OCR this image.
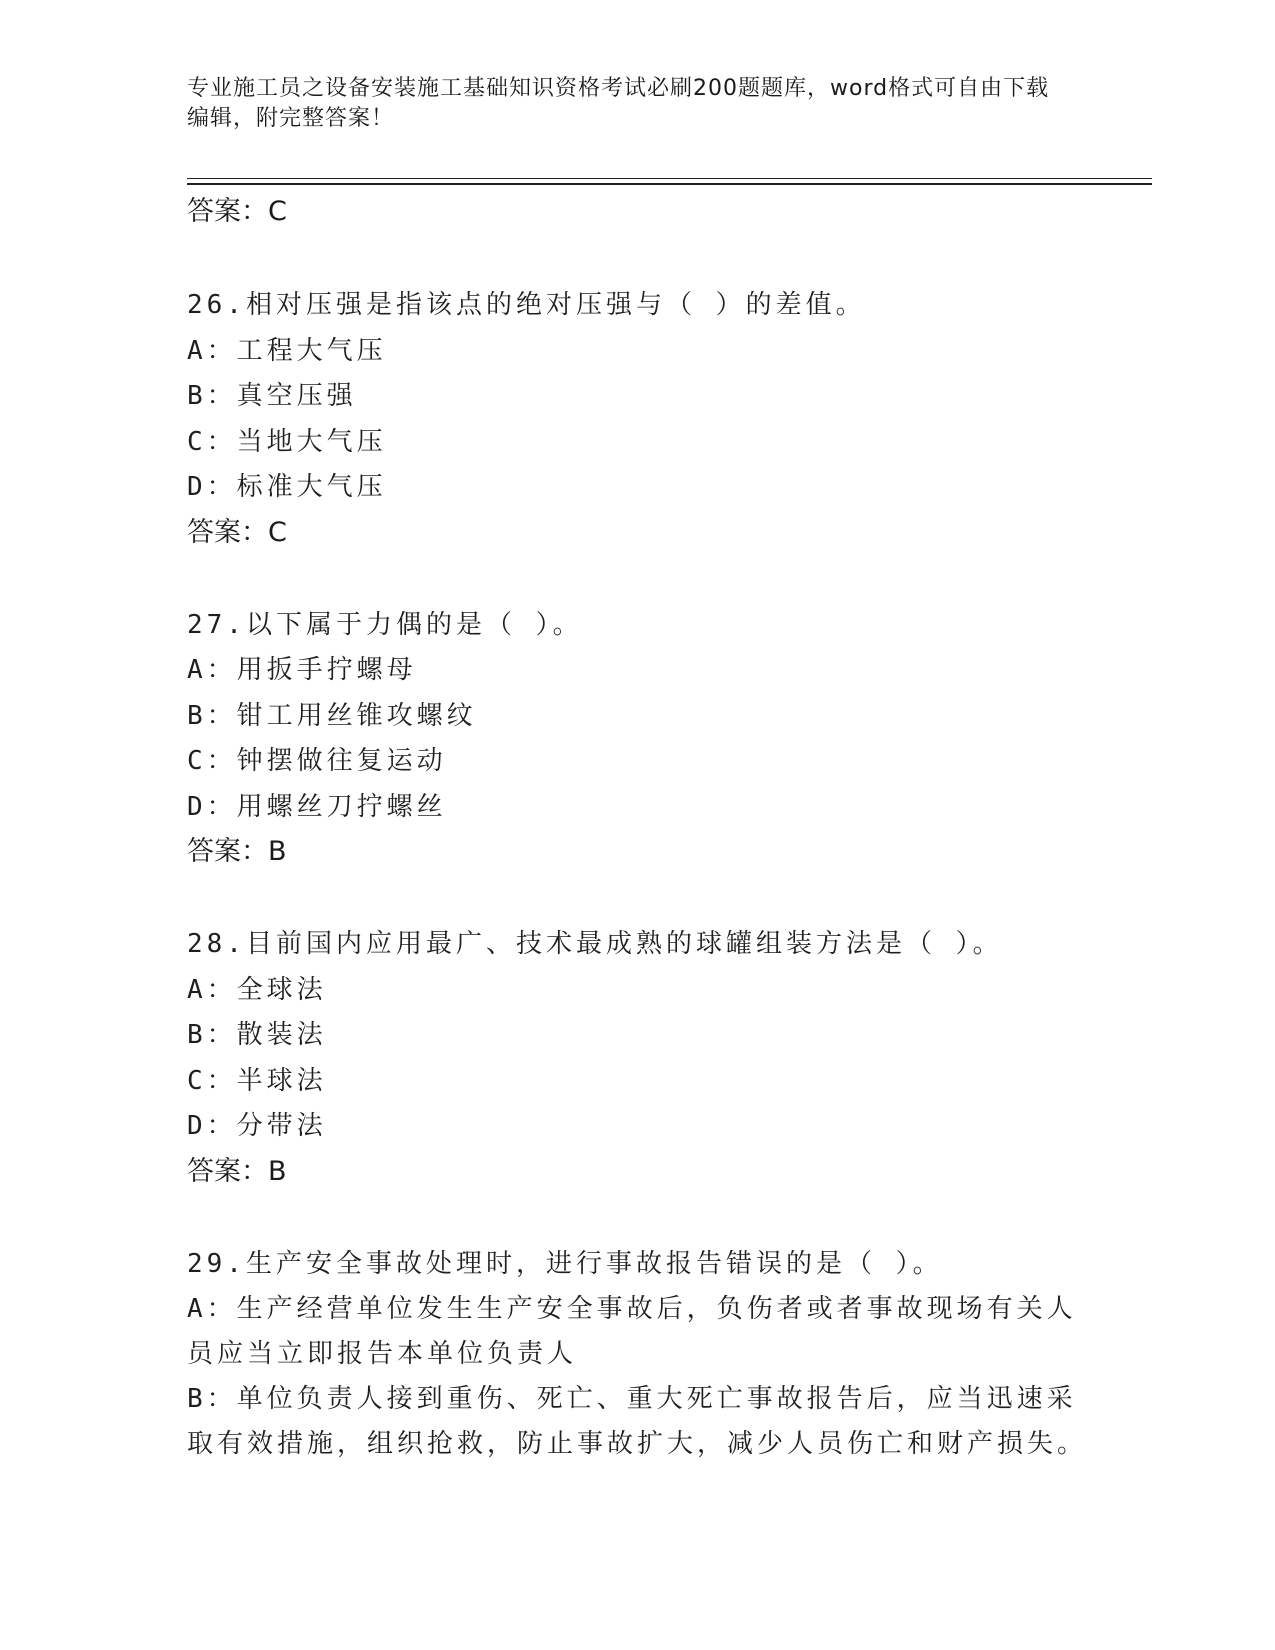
专业施工员之设备安装施工基础知识资格考试必刷200题题库，word格式可自由下载编辑，附完整答案！

答案：C

26.相对压强是指该点的绝对压强与（ ）的差值。

A：工程大气压

B：真空压强

C：当地大气压

D：标准大气压

答案：C

27.以下属于力偶的是（ ）。

A：用扳手拧螺母

B：钳工用丝锥攻螺纹

C：钟摆做往复运动

D：用螺丝刀拧螺丝

答案：B

28.目前国内应用最广、技术最成熟的球罐组装方法是（ ）。

A：全球法

B：散装法

C：半球法

D：分带法

答案：B

29.生产安全事故处理时，进行事故报告错误的是（ ）。

A：生产经营单位发生生产安全事故后，负伤者或者事故现场有关人员应当立即报告本单位负责人

B：单位负责人接到重伤、死亡、重大死亡事故报告后，应当迅速采取有效措施，组织抢救，防止事故扩大，减少人员伤亡和财产损失。
